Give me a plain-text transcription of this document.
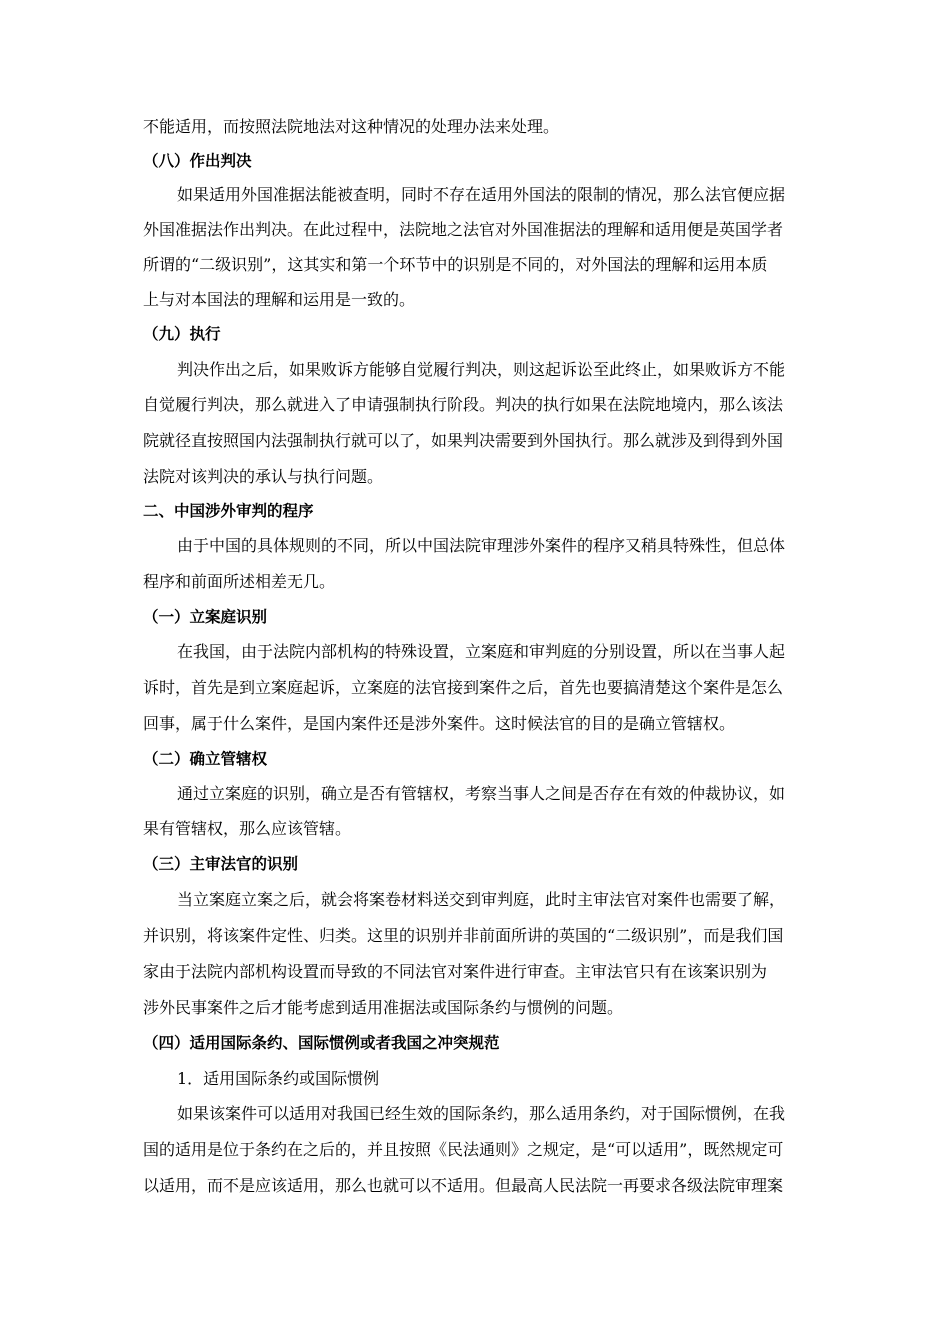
不能适用，而按照法院地法对这种情况的处理办法来处理。
（八）作出判决
如果适用外国准据法能被查明，同时不存在适用外国法的限制的情况，那么法官便应据
外国准据法作出判决。在此过程中，法院地之法官对外国准据法的理解和适用便是英国学者
所谓的“二级识别”，这其实和第一个环节中的识别是不同的，对外国法的理解和运用本质
上与对本国法的理解和运用是一致的。
（九）执行
判决作出之后，如果败诉方能够自觉履行判决，则这起诉讼至此终止，如果败诉方不能
自觉履行判决，那么就进入了申请强制执行阶段。判决的执行如果在法院地境内，那么该法
院就径直按照国内法强制执行就可以了，如果判决需要到外国执行。那么就涉及到得到外国
法院对该判决的承认与执行问题。
二、中国涉外审判的程序
由于中国的具体规则的不同，所以中国法院审理涉外案件的程序又稍具特殊性，但总体
程序和前面所述相差无几。
（一）立案庭识别
在我国，由于法院内部机构的特殊设置，立案庭和审判庭的分别设置，所以在当事人起
诉时，首先是到立案庭起诉，立案庭的法官接到案件之后，首先也要搞清楚这个案件是怎么
回事，属于什么案件，是国内案件还是涉外案件。这时候法官的目的是确立管辖权。
（二）确立管辖权
通过立案庭的识别，确立是否有管辖权，考察当事人之间是否存在有效的仲裁协议，如
果有管辖权，那么应该管辖。
（三）主审法官的识别
当立案庭立案之后，就会将案卷材料送交到审判庭，此时主审法官对案件也需要了解，
并识别，将该案件定性、归类。这里的识别并非前面所讲的英国的“二级识别”，而是我们国
家由于法院内部机构设置而导致的不同法官对案件进行审查。主审法官只有在该案识别为
涉外民事案件之后才能考虑到适用准据法或国际条约与惯例的问题。
（四）适用国际条约、国际惯例或者我国之冲突规范
1．适用国际条约或国际惯例
如果该案件可以适用对我国已经生效的国际条约，那么适用条约，对于国际惯例，在我
国的适用是位于条约在之后的，并且按照《民法通则》之规定，是“可以适用”，既然规定可
以适用，而不是应该适用，那么也就可以不适用。但最高人民法院一再要求各级法院审理案
